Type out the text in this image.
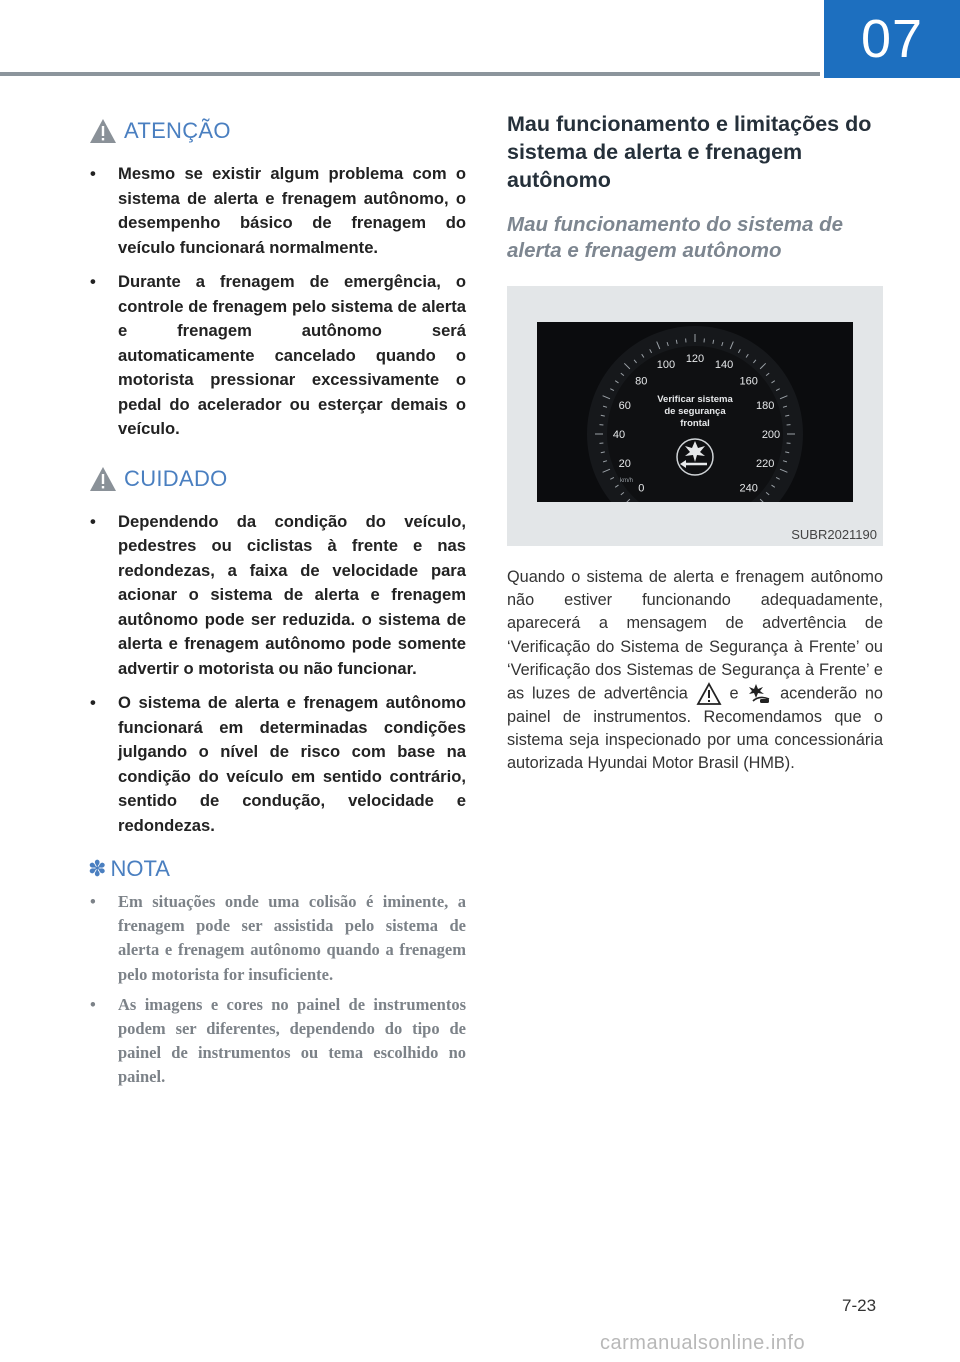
07
ATENÇÃO
• Mesmo se existir algum problema com o sistema de alerta e frenagem autônomo, o desempenho básico de frenagem do veículo funcionará normalmente.
• Durante a frenagem de emergência, o controle de frenagem pelo sistema de alerta e frenagem autônomo será automaticamente cancelado quando o motorista pressionar excessivamente o pedal do acelerador ou esterçar demais o veículo.
CUIDADO
• Dependendo da condição do veículo, pedestres ou ciclistas à frente e nas redondezas, a faixa de velocidade para acionar o sistema de alerta e frenagem autônomo pode ser reduzida. o sistema de alerta e frenagem autônomo pode somente advertir o motorista ou não funcionar.
• O sistema de alerta e frenagem autônomo funcionará em determinadas condições julgando o nível de risco com base na condição do veículo em sentido contrário, sentido de condução, velocidade e redondezas.
✽ NOTA
• Em situações onde uma colisão é iminente, a frenagem pode ser assistida pelo sistema de alerta e frenagem autônomo quando a frenagem pelo motorista for insuficiente.
• As imagens e cores no painel de instrumentos podem ser diferentes, dependendo do tipo de painel de instrumentos ou tema escolhido no painel.
Mau funcionamento e limitações do sistema de alerta e frenagem autônomo
Mau funcionamento do sistema de alerta e frenagem autônomo
0
20
40
60
80
100 120 140
160
180
200
220
240
Verificar sistema
de segurança
frontal
km/h
SUBR2021190

Quando o sistema de alerta e frenagem autônomo não estiver funcionando adequadamente, aparecerá a mensagem de advertência de ‘Verificação do Sistema de Segurança à Frente’ ou ‘Verificação dos Sistemas de Segurança à Frente’ e as luzes de advertência	e	acenderão no painel de instrumentos. Recomendamos que o sistema seja inspecionado por uma concessionária autorizada Hyundai Motor Brasil (HMB).

7-23
carmanualsonline.info
